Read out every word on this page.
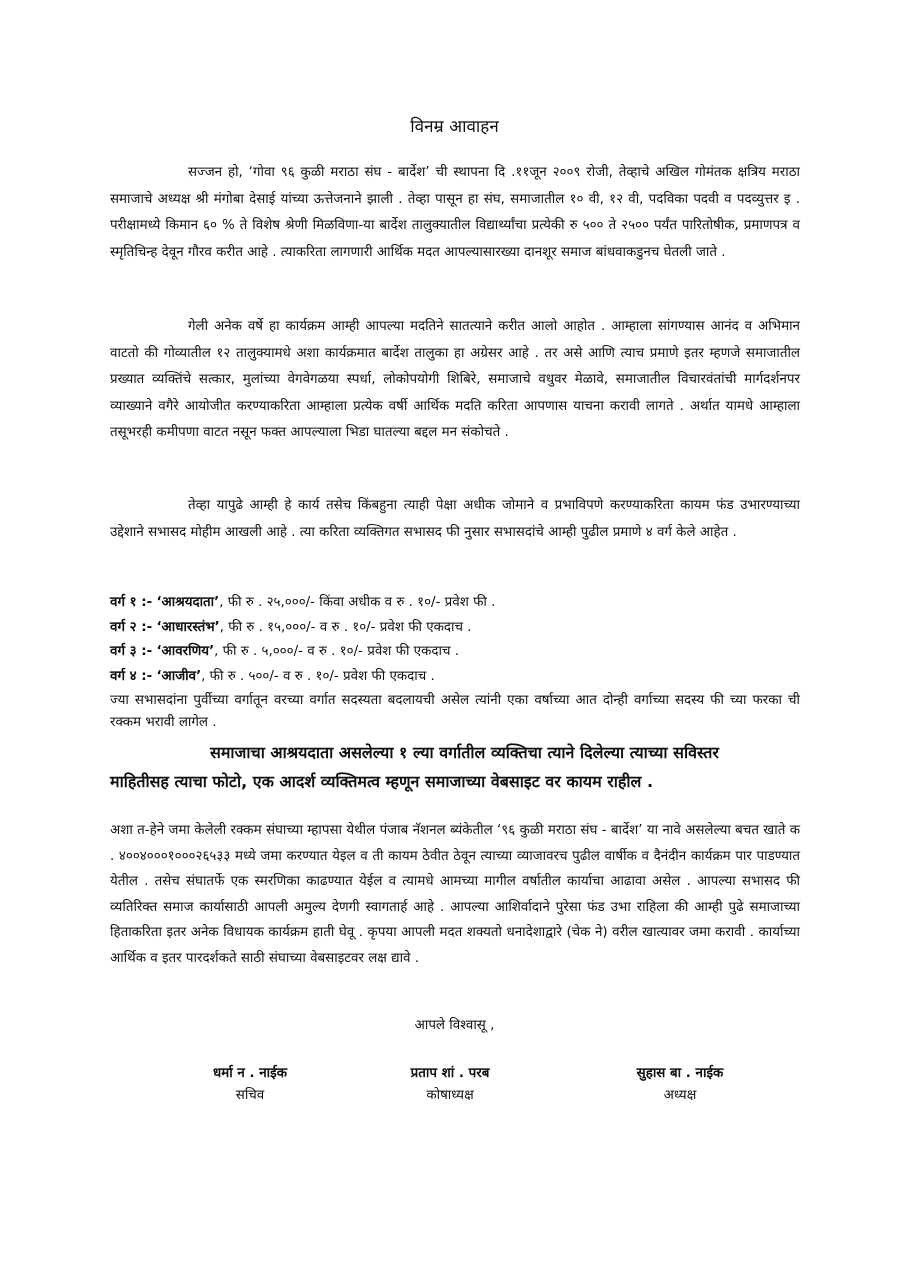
विनम्र आवाहन

सज्जन हो, ‘गोवा ९६ कुळी मराठा संघ - बार्देश’ ची स्थापना दि .११जून २००९ रोजी, तेव्हाचे अखिल गोमंतक क्षत्रिय मराठा समाजाचे अध्यक्ष श्री मंगोबा देसाई यांच्या ऊत्तेजनाने झाली . तेव्हा पासून हा संघ, समाजातील १० वी, १२ वी, पदविका पदवी व पदव्युत्तर इ . परीक्षामध्ये किमान ६० % ते विशेष श्रेणी मिळविणा-या बार्देश तालुक्यातील विद्यार्थ्यांचा प्रत्येकी रु ५०० ते २५०० पर्यंत पारितोषीक, प्रमाणपत्र व स्मृतिचिन्ह देवून गौरव करीत आहे . त्याकरिता लागणारी आर्थिक मदत आपल्यासारख्या दानशूर समाज बांधवाकडुनच घेतली जाते .

गेली अनेक वर्षे हा कार्यक्रम आम्ही आपल्या मदतिने सातत्याने करीत आलो आहोत . आम्हाला सांगण्यास आनंद व अभिमान वाटतो की गोव्यातील १२ तालुक्यामधे अशा कार्यक्रमात बार्देश तालुका हा अग्रेसर आहे . तर असे आणि त्याच प्रमाणे इतर म्हणजे समाजातील प्रख्यात व्यक्तिंचे सत्कार, मुलांच्या वेगवेगळया स्पर्धा, लोकोपयोगी शिबिरे, समाजाचे वधुवर मेळावे, समाजातील विचारवंतांची मार्गदर्शनपर व्याख्याने वगैरे आयोजीत करण्याकरिता आम्हाला प्रत्येक वर्षी आर्थिक मदति करिता आपणास याचना करावी लागते . अर्थात यामधे आम्हाला तसूभरही कमीपणा वाटत नसून फक्त आपल्याला भिडा घातल्या बद्दल मन संकोचते .

तेव्हा यापुढे आम्ही हे कार्य तसेच किंबहुना त्याही पेक्षा अधीक जोमाने व प्रभाविपणे करण्याकरिता कायम फंड उभारण्याच्या उद्देशाने सभासद मोहीम आखली आहे . त्या करिता व्यक्तिगत सभासद फी नुसार सभासदांचे आम्ही पुढील प्रमाणे ४ वर्ग केले आहेत .

वर्ग १ :- ‘आश्रयदाता’, फी रु . २५,०००/- किंवा अधीक व रु . १०/- प्रवेश फी .
वर्ग २ :- ‘आधारस्तंभ’, फी रु . १५,०००/- व रु . १०/- प्रवेश फी एकदाच .
वर्ग ३ :- ‘आवरणिय’, फी रु . ५,०००/- व रु . १०/- प्रवेश फी एकदाच .
वर्ग ४ :- ‘आजीव’, फी रु . ५००/- व रु . १०/- प्रवेश फी एकदाच .

ज्या सभासदांना पुर्वीच्या वर्गातून वरच्या वर्गात सदस्यता बदलायची असेल त्यांनी एका वर्षाच्या आत दोन्ही वर्गाच्या सदस्य फी च्या फरका ची रक्कम भरावी लागेल .

समाजाचा आश्रयदाता असलेल्या १ ल्या वर्गातील व्यक्तिचा त्याने दिलेल्या त्याच्या सविस्तर
माहितीसह त्याचा फोटो, एक आदर्श व्यक्तिमत्व म्हणून समाजाच्या वेबसाइट वर कायम राहील .

अशा त-हेने जमा केलेली रक्कम संघाच्या म्हापसा येथील पंजाब नॅशनल ब्यंकेतील ‘९६ कुळी मराठा संघ - बार्देश’ या नावे असलेल्या बचत खाते क . ४००४०००१०००२६५३३ मध्ये जमा करण्यात येइल व ती कायम ठेवीत ठेवून त्याच्या व्याजावरच पुढील वार्षीक व दैनंदीन कार्यक्रम पार पाडण्यात येतील . तसेच संघातर्फे एक स्मरणिका काढण्यात येईल व त्यामधे आमच्या मागील वर्षातील कार्याचा आढावा असेल . आपल्या सभासद फी व्यतिरिक्त समाज कार्यासाठी आपली अमुल्य देणगी स्वागतार्ह आहे . आपल्या आशिर्वादाने पुरेसा फंड उभा राहिला की आम्ही पुढे समाजाच्या हिताकरिता इतर अनेक विधायक कार्यक्रम हाती घेवू . कृपया आपली मदत शक्यतो धनादेशाद्वारे (चेक ने) वरील खात्यावर जमा करावी . कार्याच्या आर्थिक व इतर पारदर्शकते साठी संघाच्या वेबसाइटवर लक्ष द्यावे .

आपले विश्वासू ,
धर्मा न . नाईक
सचिव
प्रताप शां . परब
कोषाध्यक्ष
सुहास बा . नाईक
अध्यक्ष
